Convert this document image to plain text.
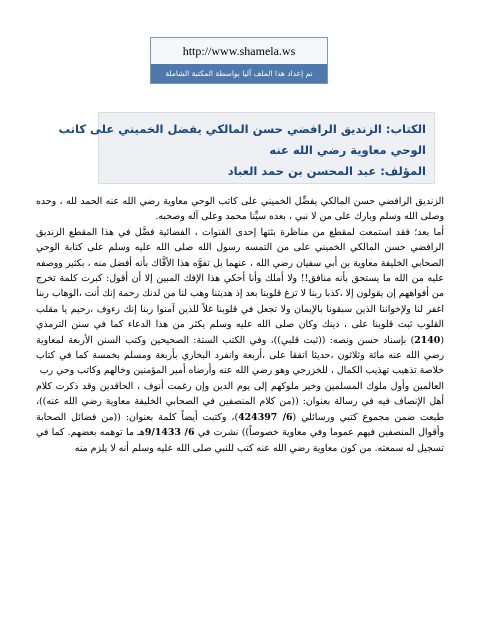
http://www.shamela.ws
تم إعداد هذا الملف آليا بواسطة المكتبة الشاملة
الكتاب: الزنديق الرافضي حسن المالكي يفضل الخميني على كاتب
الوحي معاوية رضي الله عنه
المؤلف: عبد المحسن بن حمد العباد

الزنديق الرافضي حسن المالكي يفضِّل الخميني على كاتب الوحي معاوية رضي الله عنه الحمد لله ، وحده وصلى الله وسلم وبارك على من لا نبي ، بعده سيِّنا محمد وعلى آله وصحبه.

أما بعد؛ فقد استمعت لمقطع من مناظرة بثتها إحدى القنوات ، الفضائية فضَّل في هذا المقطع الزنديق الرافضي حسن المالكي الخميني على من التمسه رسول الله صلى الله عليه وسلم على كتابة الوحي الصحابي الخليفة معاوية بن أبي سفيان رضي الله ، عنهما بل تفوَّه هذا الأفَّاك بأنه أفضل منه ، بكثير ووصفه عليه من الله ما يستحق بأنه منافق!! ولا أملك وأنا أحكي هذا الإفك المبين إلا أن أقول: كبرت كلمة تخرج من أفواههم إن يقولون إلا ،كذبا ربنا لا تزغ قلوبنا بعد إذ هديتنا وهب لنا من لدنك رحمة إنك أنت ،الوهاب ربنا اغفر لنا ولإخواننا الذين سبقونا بالإيمان ولا تجعل في قلوبنا غلاً للذين آمنوا ربنا إنك رءوف ،رحيم يا مقلب القلوب ثبت قلوبنا على ، دينك وكان صلى الله عليه وسلم يكثر من هذا الدعاء كما في سنن الترمذي (2140) بإسناد حسن ونصه: ((ثبت قلبي))، وفي الكتب الستة: الصحيحين وكتب السنن الأربعة لمعاوية رضي الله عنه مائة وثلاثون ،حديثا اتفقا على ،أربعة وانفرد البخاري بأربعة ومسلم بخمسة كما في كتاب خلاصة تذهيب تهذيب الكمال ، للخزرجي وهو رضي الله عنه وأرضاه أمير المؤمنين وخالهم وكاتب وحي رب

العالمين وأول ملوك المسلمين وخير ملوكهم إلى يوم الدين وإن رغمت أنوف ، الحاقدين وقد ذكرت كلام أهل الإنصاف فيه في رسالة بعنوان: ((من كلام المنصفين في الصحابي الخليفة معاوية رضي الله عنه))، طبعت ضمن مجموع كتبي ورسائلي (6/ 424397)، وكتبت أيضاً كلمة بعنوان: ((من فضائل الصحابة وأقوال المنصفين فيهم عموما وفي معاوية خصوصاً)) نشرت في 6/ 9/1433هـ ما توهمه بعضهم. كما في تسجيل له سمعته. من كون معاوية رضي الله عنه كتب للنبي صلى الله عليه وسلم أنه لا يلزم منه
